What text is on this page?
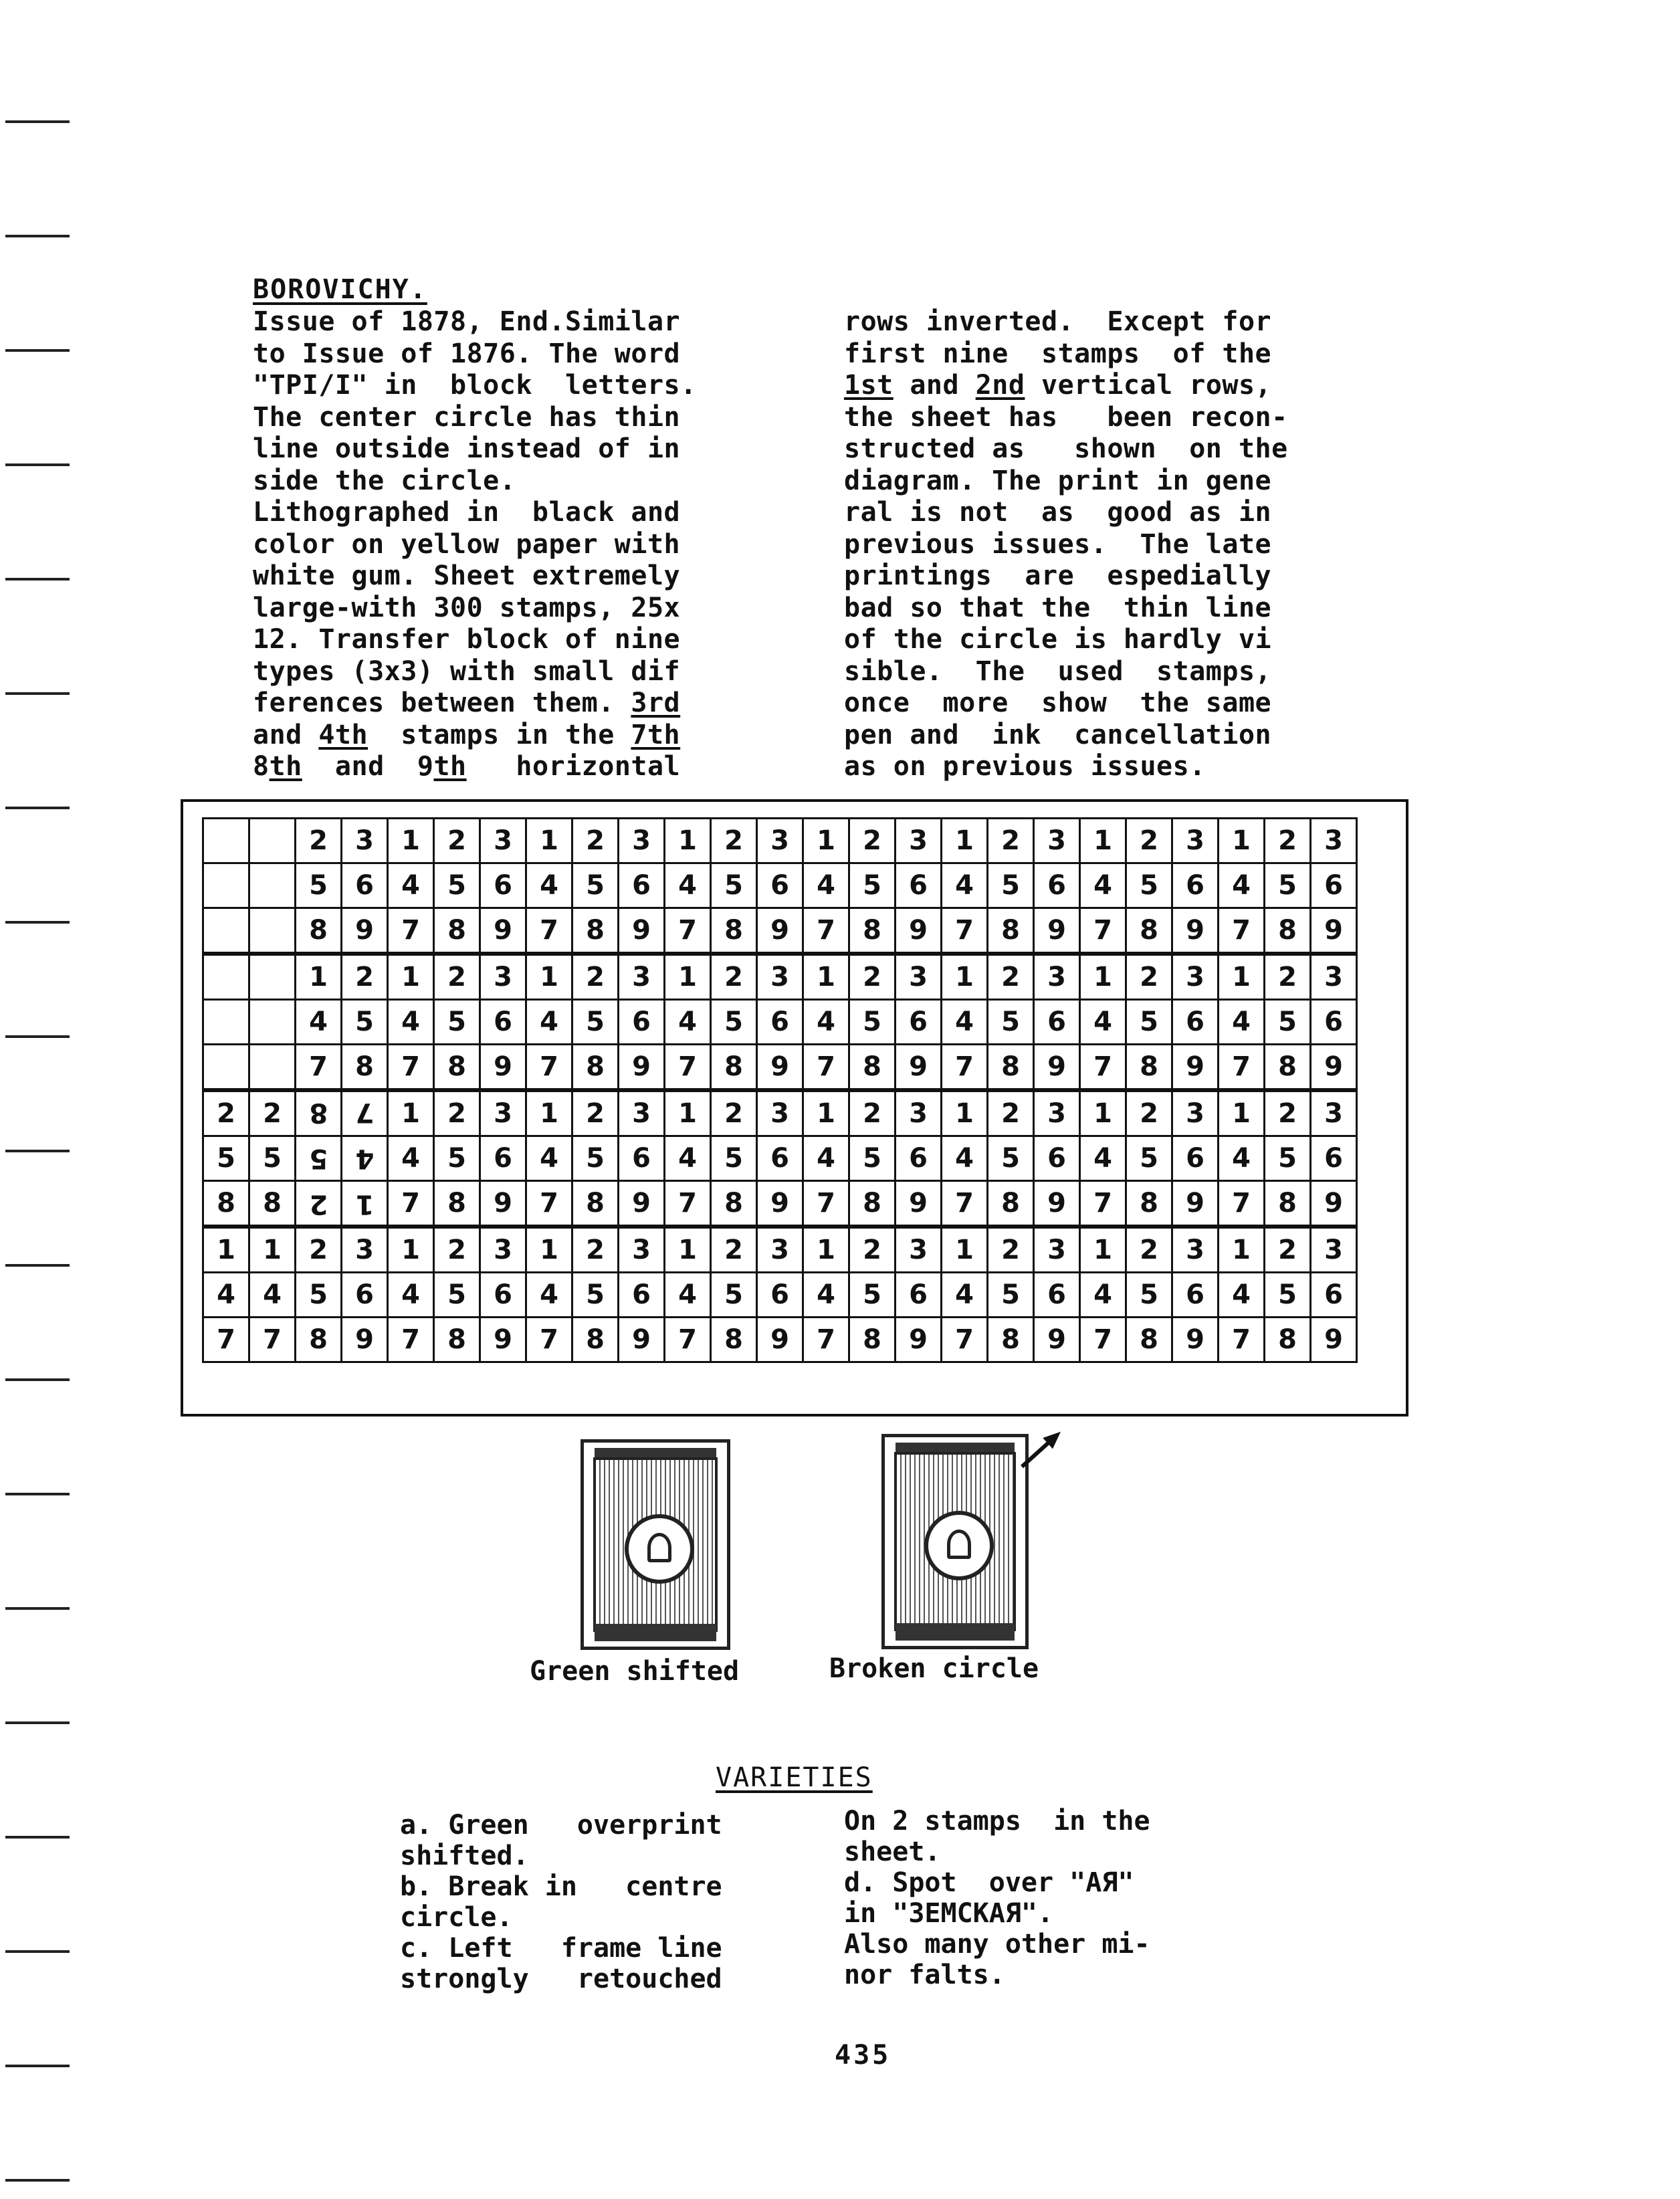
BOROVICHY.
Issue of 1878, End.Similar
to Issue of 1876. The word
"TPI/I" in  block  letters.
The center circle has thin
line outside instead of in
side the circle.
Lithographed in  black and
color on yellow paper with
white gum. Sheet extremely
large-with 300 stamps, 25x
12. Transfer block of nine
types (3x3) with small dif
ferences between them. 3rd
and 4th  stamps in the 7th
8th  and  9th   horizontal
rows inverted.  Except for
first nine  stamps  of the
1st and 2nd vertical rows,
the sheet has   been recon-
structed as   shown  on the
diagram. The print in gene
ral is not  as  good as in
previous issues.  The late
printings  are  espedially
bad so that the  thin line
of the circle is hardly vi
sible.  The  used  stamps,
once  more  show  the same
pen and  ink  cancellation
as on previous issues.
		2	3	1	2	3	1	2	3	1	2	3	1	2	3	1	2	3	1	2	3	1	2	3
		5	6	4	5	6	4	5	6	4	5	6	4	5	6	4	5	6	4	5	6	4	5	6
		8	9	7	8	9	7	8	9	7	8	9	7	8	9	7	8	9	7	8	9	7	8	9
		1	2	1	2	3	1	2	3	1	2	3	1	2	3	1	2	3	1	2	3	1	2	3
		4	5	4	5	6	4	5	6	4	5	6	4	5	6	4	5	6	4	5	6	4	5	6
		7	8	7	8	9	7	8	9	7	8	9	7	8	9	7	8	9	7	8	9	7	8	9
2	2	8	7	1	2	3	1	2	3	1	2	3	1	2	3	1	2	3	1	2	3	1	2	3
5	5	5	4	4	5	6	4	5	6	4	5	6	4	5	6	4	5	6	4	5	6	4	5	6
8	8	2	1	7	8	9	7	8	9	7	8	9	7	8	9	7	8	9	7	8	9	7	8	9
1	1	2	3	1	2	3	1	2	3	1	2	3	1	2	3	1	2	3	1	2	3	1	2	3
4	4	5	6	4	5	6	4	5	6	4	5	6	4	5	6	4	5	6	4	5	6	4	5	6
7	7	8	9	7	8	9	7	8	9	7	8	9	7	8	9	7	8	9	7	8	9	7	8	9
Green shifted	Broken circle
VARIETIES
a. Green   overprint
shifted.
b. Break in   centre
circle.
c. Left   frame line
strongly   retouched
On 2 stamps  in the
sheet.
d. Spot  over "AЯ"
in "ЗЕМСКАЯ".
Also many other mi-
nor falts.
435
